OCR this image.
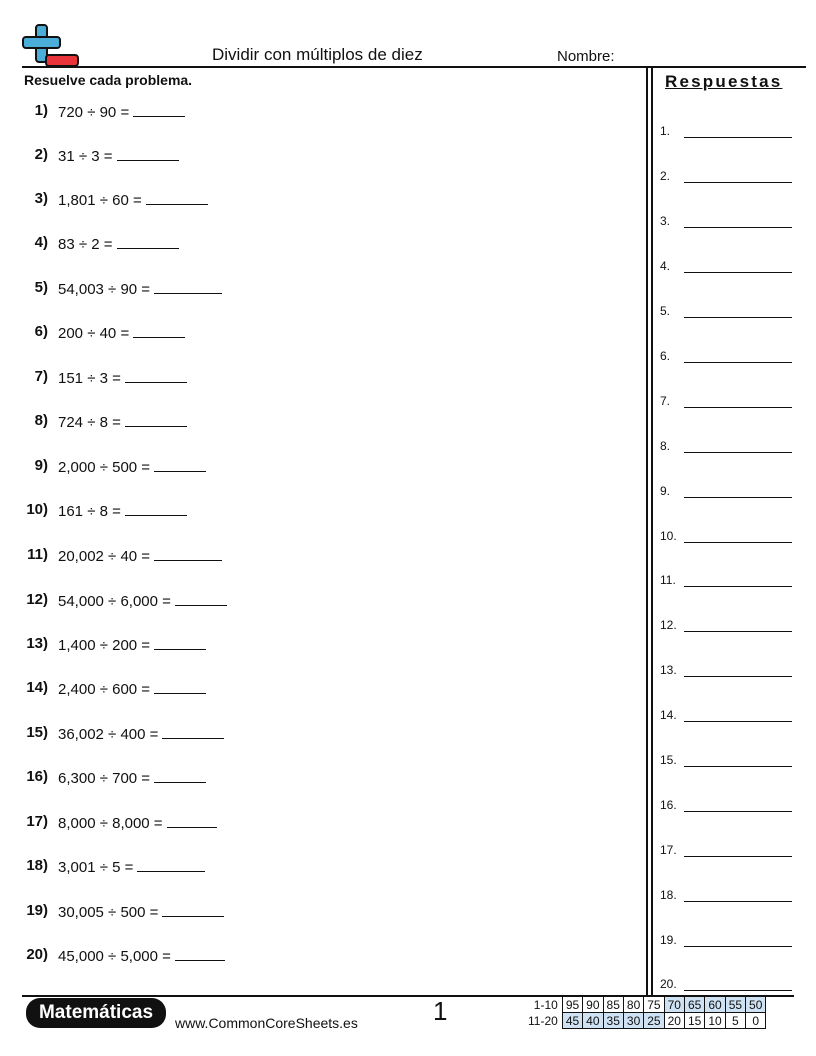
Dividir con múltiplos de diez	Nombre:
Resuelve cada problema.
1) 720 ÷ 90 =
2) 31 ÷ 3 =
3) 1,801 ÷ 60 =
4) 83 ÷ 2 =
5) 54,003 ÷ 90 =
6) 200 ÷ 40 =
7) 151 ÷ 3 =
8) 724 ÷ 8 =
9) 2,000 ÷ 500 =
10) 161 ÷ 8 =
11) 20,002 ÷ 40 =
12) 54,000 ÷ 6,000 =
13) 1,400 ÷ 200 =
14) 2,400 ÷ 600 =
15) 36,002 ÷ 400 =
16) 6,300 ÷ 700 =
17) 8,000 ÷ 8,000 =
18) 3,001 ÷ 5 =
19) 30,005 ÷ 500 =
20) 45,000 ÷ 5,000 =
Respuestas
1.
2.
3.
4.
5.
6.
7.
8.
9.
10.
11.
12.
13.
14.
15.
16.
17.
18.
19.
20.
Matemáticas	www.CommonCoreSheets.es	1	1-10	95	90	85	80	75	70	65	60	55	50
11-20	45	40	35	30	25	20	15	10	5	0
